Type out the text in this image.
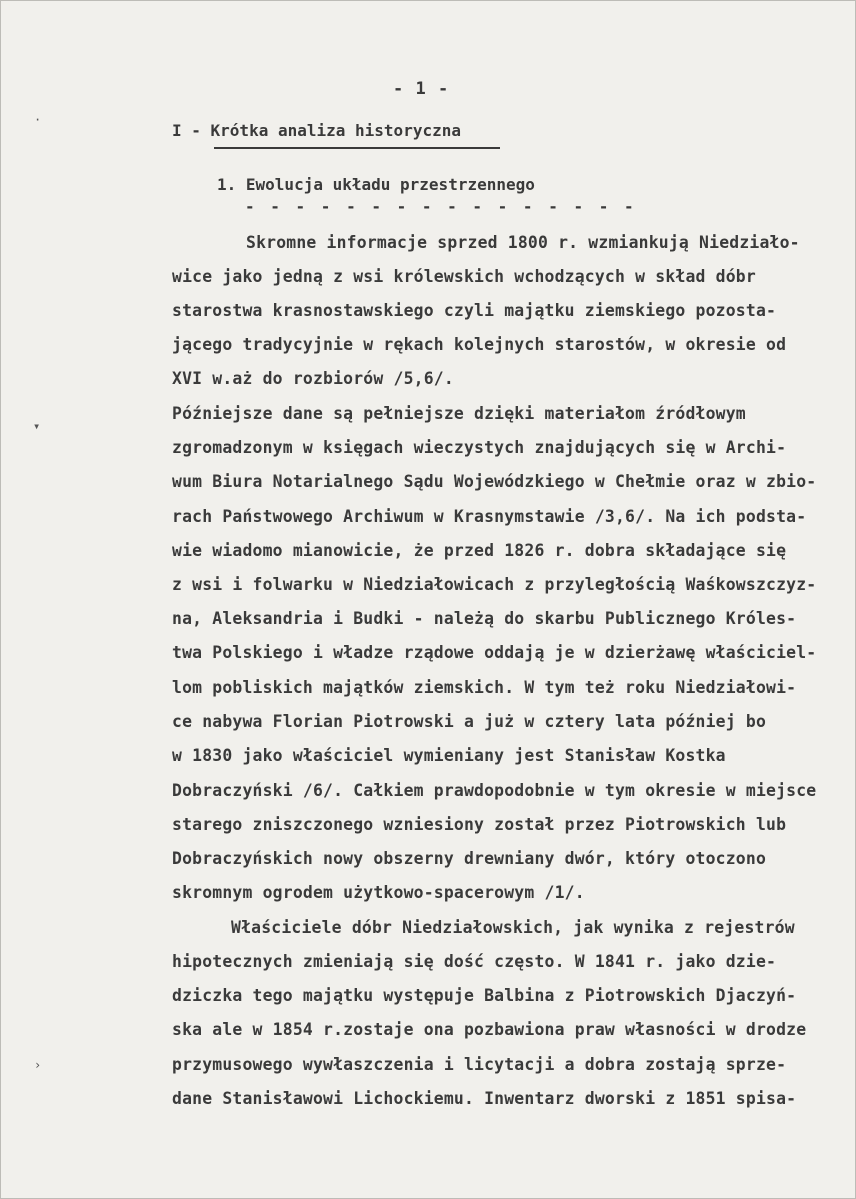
- 1 -
I - Krótka analiza historyczna
1. Ewolucja układu przestrzennego
- - - - - - - - - - - - - - - -
Skromne informacje sprzed 1800 r. wzmiankują Niedziało-
wice jako jedną z wsi królewskich wchodzących w skład dóbr
starostwa krasnostawskiego czyli majątku ziemskiego pozosta-
jącego tradycyjnie w rękach kolejnych starostów, w okresie od
XVI w.aż do rozbiorów /5,6/.
Późniejsze dane są pełniejsze dzięki materiałom źródłowym
zgromadzonym w księgach wieczystych znajdujących się w Archi-
wum Biura Notarialnego Sądu Wojewódzkiego w Chełmie oraz w zbio-
rach Państwowego Archiwum w Krasnymstawie /3,6/. Na ich podsta-
wie wiadomo mianowicie, że przed 1826 r. dobra składające się
z wsi i folwarku w Niedziałowicach z przyległością Waśkowszczyz-
na, Aleksandria i Budki - należą do skarbu Publicznego Króles-
twa Polskiego i władze rządowe oddają je w dzierżawę właściciel-
lom pobliskich majątków ziemskich. W tym też roku Niedziałowi-
ce nabywa Florian Piotrowski a już w cztery lata później bo
w 1830 jako właściciel wymieniany jest Stanisław Kostka
Dobraczyński /6/. Całkiem prawdopodobnie w tym okresie w miejsce
starego zniszczonego wzniesiony został przez Piotrowskich lub
Dobraczyńskich nowy obszerny drewniany dwór, który otoczono
skromnym ogrodem użytkowo-spacerowym /1/.
Właściciele dóbr Niedziałowskich, jak wynika z rejestrów
hipotecznych zmieniają się dość często. W 1841 r. jako dzie-
dziczka tego majątku występuje Balbina z Piotrowskich Djaczyń-
ska ale w 1854 r.zostaje ona pozbawiona praw własności w drodze
przymusowego wywłaszczenia i licytacji a dobra zostają sprze-
dane Stanisławowi Lichockiemu. Inwentarz dworski z 1851 spisa-
·
▾
›
